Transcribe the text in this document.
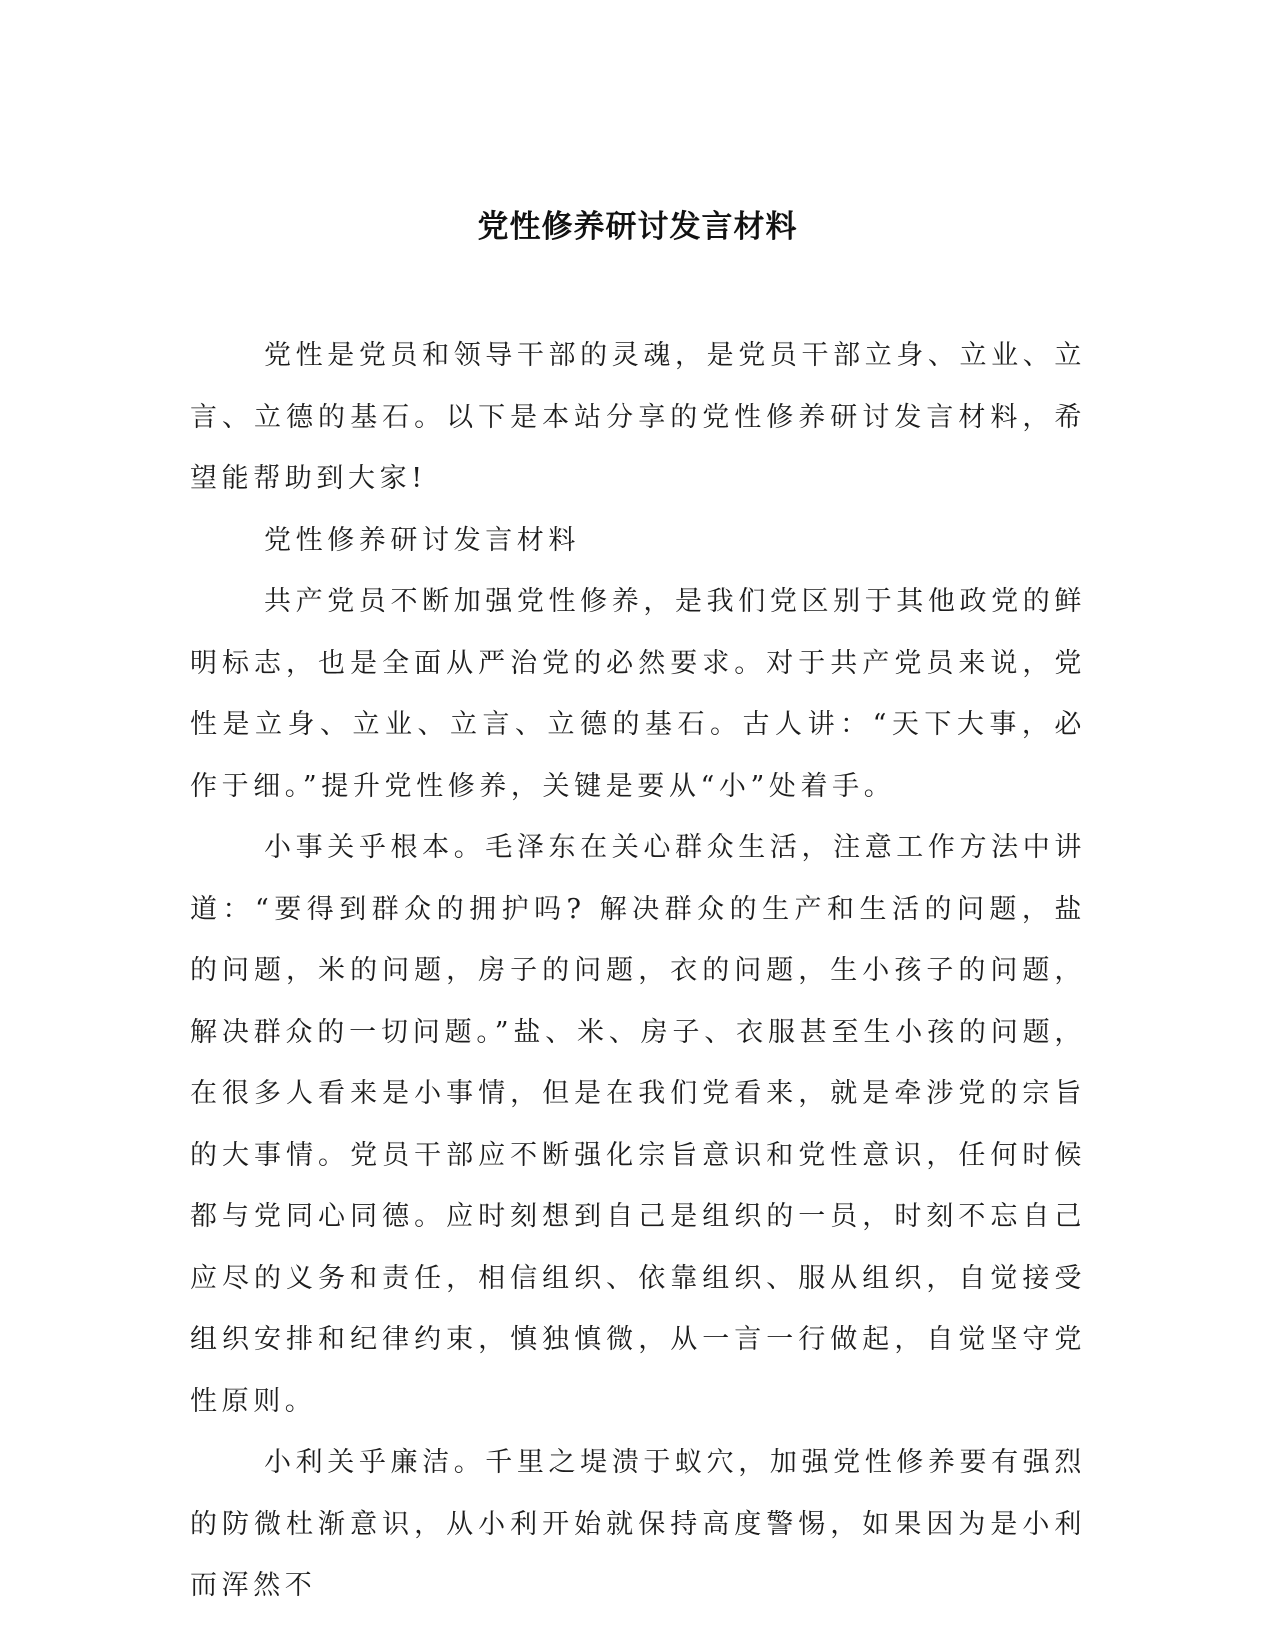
党性修养研讨发言材料

党性是党员和领导干部的灵魂，是党员干部立身、立业、立言、立德的基石。以下是本站分享的党性修养研讨发言材料，希望能帮助到大家!

党性修养研讨发言材料

共产党员不断加强党性修养，是我们党区别于其他政党的鲜明标志，也是全面从严治党的必然要求。对于共产党员来说，党性是立身、立业、立言、立德的基石。古人讲：“天下大事，必作于细。”提升党性修养，关键是要从“小”处着手。

小事关乎根本。毛泽东在关心群众生活，注意工作方法中讲道：“要得到群众的拥护吗? 解决群众的生产和生活的问题，盐的问题，米的问题，房子的问题，衣的问题，生小孩子的问题，解决群众的一切问题。”盐、米、房子、衣服甚至生小孩的问题，在很多人看来是小事情，但是在我们党看来，就是牵涉党的宗旨的大事情。党员干部应不断强化宗旨意识和党性意识，任何时候都与党同心同德。应时刻想到自己是组织的一员，时刻不忘自己应尽的义务和责任，相信组织、依靠组织、服从组织，自觉接受组织安排和纪律约束，慎独慎微，从一言一行做起，自觉坚守党性原则。

小利关乎廉洁。千里之堤溃于蚁穴，加强党性修养要有强烈的防微杜渐意识，从小利开始就保持高度警惕，如果因为是小利而浑然不
